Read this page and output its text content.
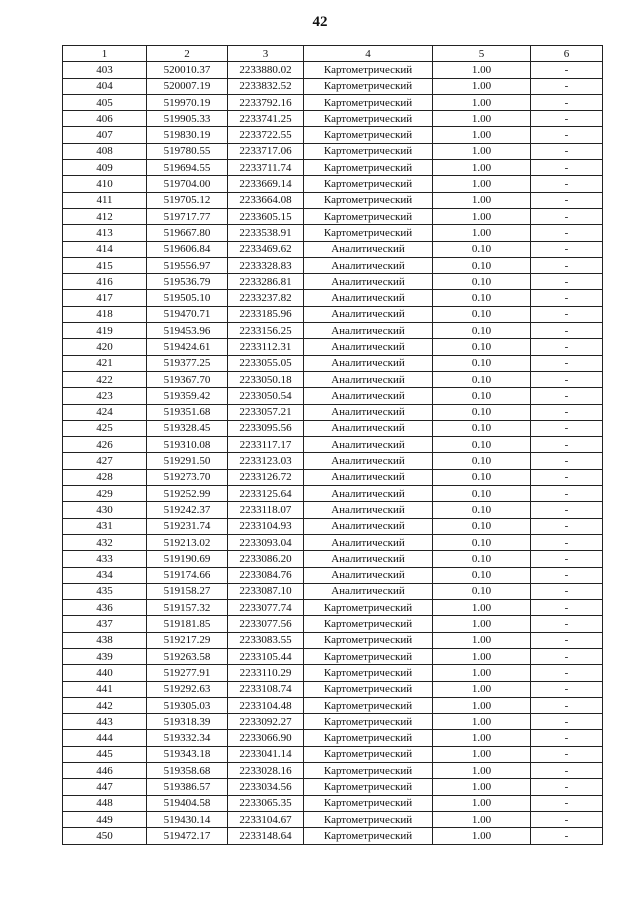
42
1	2	3	4	5	6
403	520010.37	2233880.02	Картометрический	1.00	-
404	520007.19	2233832.52	Картометрический	1.00	-
405	519970.19	2233792.16	Картометрический	1.00	-
406	519905.33	2233741.25	Картометрический	1.00	-
407	519830.19	2233722.55	Картометрический	1.00	-
408	519780.55	2233717.06	Картометрический	1.00	-
409	519694.55	2233711.74	Картометрический	1.00	-
410	519704.00	2233669.14	Картометрический	1.00	-
411	519705.12	2233664.08	Картометрический	1.00	-
412	519717.77	2233605.15	Картометрический	1.00	-
413	519667.80	2233538.91	Картометрический	1.00	-
414	519606.84	2233469.62	Аналитический	0.10	-
415	519556.97	2233328.83	Аналитический	0.10	-
416	519536.79	2233286.81	Аналитический	0.10	-
417	519505.10	2233237.82	Аналитический	0.10	-
418	519470.71	2233185.96	Аналитический	0.10	-
419	519453.96	2233156.25	Аналитический	0.10	-
420	519424.61	2233112.31	Аналитический	0.10	-
421	519377.25	2233055.05	Аналитический	0.10	-
422	519367.70	2233050.18	Аналитический	0.10	-
423	519359.42	2233050.54	Аналитический	0.10	-
424	519351.68	2233057.21	Аналитический	0.10	-
425	519328.45	2233095.56	Аналитический	0.10	-
426	519310.08	2233117.17	Аналитический	0.10	-
427	519291.50	2233123.03	Аналитический	0.10	-
428	519273.70	2233126.72	Аналитический	0.10	-
429	519252.99	2233125.64	Аналитический	0.10	-
430	519242.37	2233118.07	Аналитический	0.10	-
431	519231.74	2233104.93	Аналитический	0.10	-
432	519213.02	2233093.04	Аналитический	0.10	-
433	519190.69	2233086.20	Аналитический	0.10	-
434	519174.66	2233084.76	Аналитический	0.10	-
435	519158.27	2233087.10	Аналитический	0.10	-
436	519157.32	2233077.74	Картометрический	1.00	-
437	519181.85	2233077.56	Картометрический	1.00	-
438	519217.29	2233083.55	Картометрический	1.00	-
439	519263.58	2233105.44	Картометрический	1.00	-
440	519277.91	2233110.29	Картометрический	1.00	-
441	519292.63	2233108.74	Картометрический	1.00	-
442	519305.03	2233104.48	Картометрический	1.00	-
443	519318.39	2233092.27	Картометрический	1.00	-
444	519332.34	2233066.90	Картометрический	1.00	-
445	519343.18	2233041.14	Картометрический	1.00	-
446	519358.68	2233028.16	Картометрический	1.00	-
447	519386.57	2233034.56	Картометрический	1.00	-
448	519404.58	2233065.35	Картометрический	1.00	-
449	519430.14	2233104.67	Картометрический	1.00	-
450	519472.17	2233148.64	Картометрический	1.00	-
